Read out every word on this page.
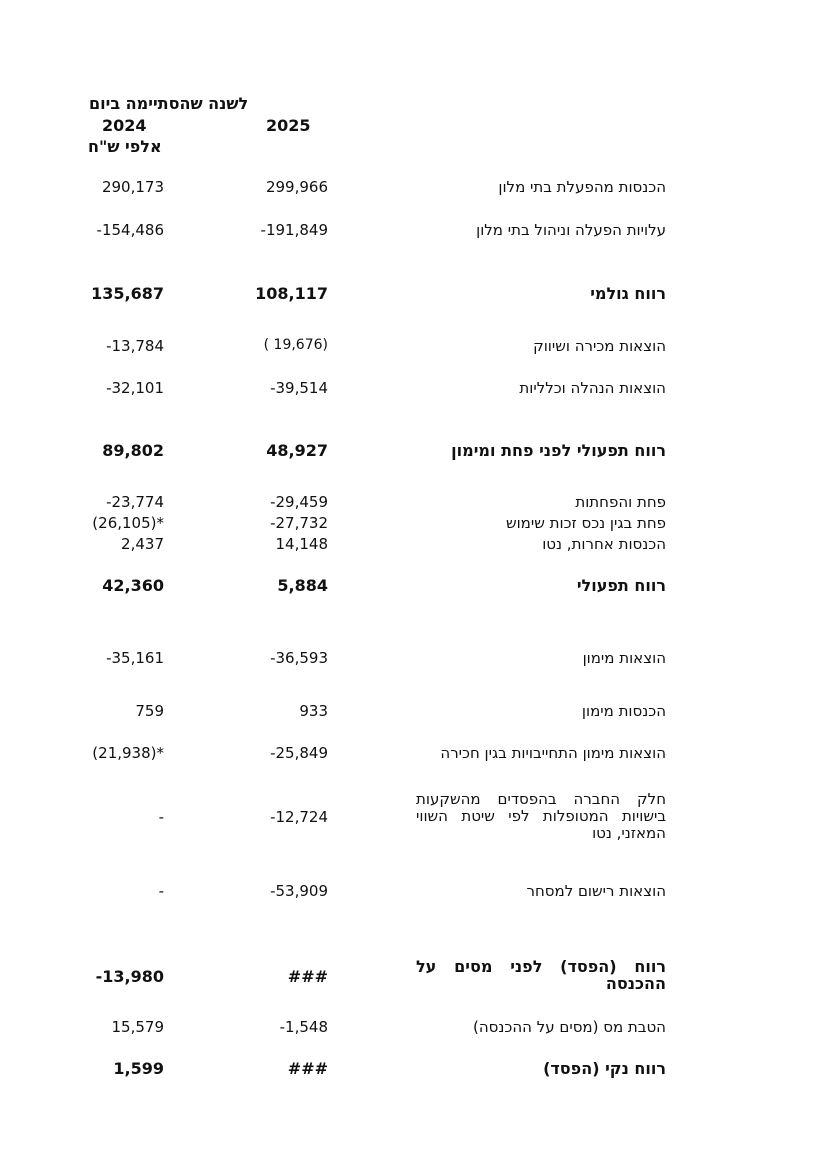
לשנה שהסתיימה ביום
2024	2025
אלפי ש"ח
הכנסות מהפעלת בתי מלון
299,966
290,173
עלויות הפעלה וניהול בתי מלון
-191,849
-154,486
רווח גולמי
108,117
135,687
הוצאות מכירה ושיווק
( 19,676)
-13,784
הוצאות הנהלה וכלליות
-39,514
-32,101
רווח תפעולי לפני פחת ומימון
48,927
89,802
פחת והפחתות
-29,459
-23,774
פחת בגין נכס זכות שימוש
-27,732
(26,105)*
הכנסות אחרות, נטו
14,148
2,437
רווח תפעולי
5,884
42,360
הוצאות מימון
-36,593
-35,161
הכנסות מימון
933
759
הוצאות מימון התחייבויות בגין חכירה
-25,849
(21,938)*
חלק החברה בהפסדים מהשקעות בישויות המטופלות לפי שיטת השווי המאזני, נטו
-12,724
-
הוצאות רישום למסחר
-53,909
-
רווח (הפסד) לפני מסים על ההכנסה
###
-13,980
הטבת מס (מסים על ההכנסה)
-1,548
15,579
רווח נקי (הפסד)
###
1,599
